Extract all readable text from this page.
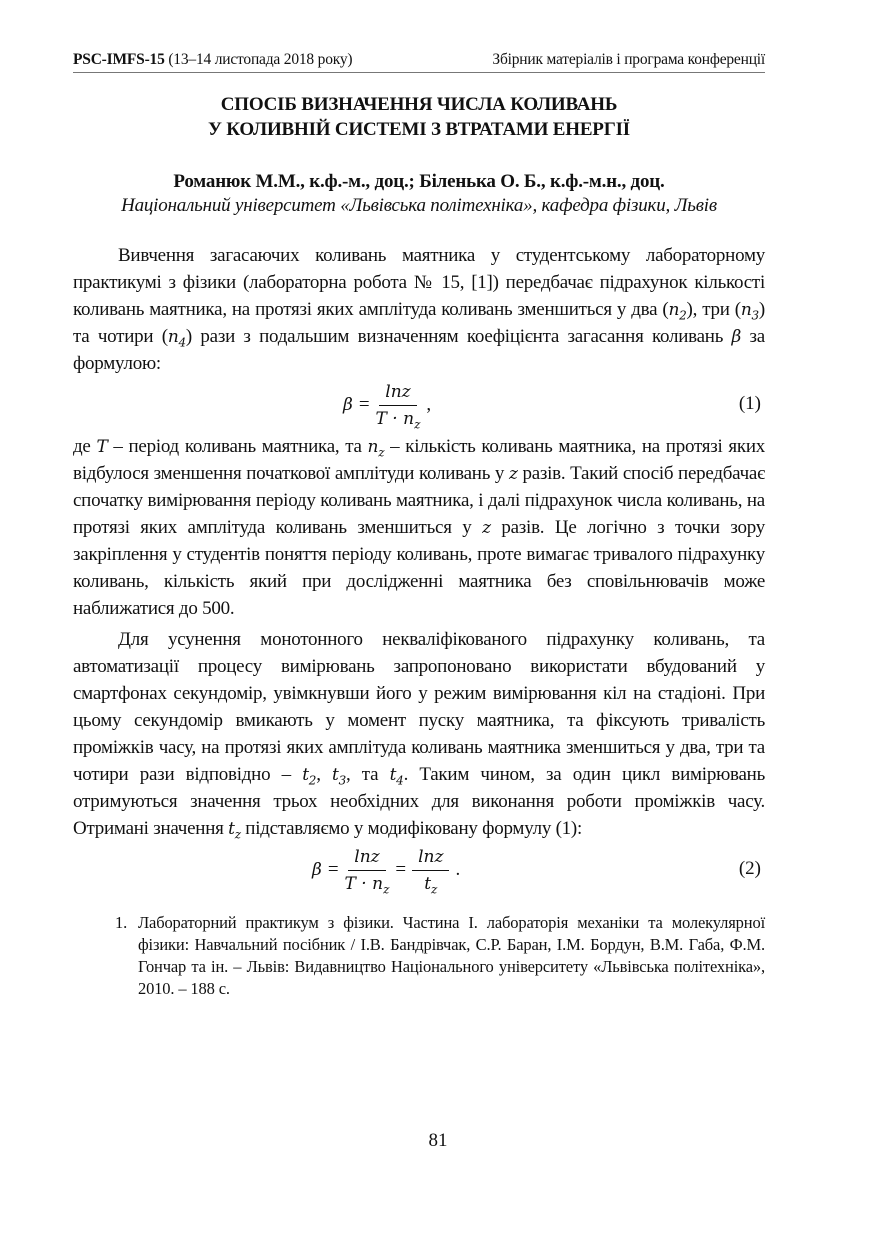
PSC-IMFS-15 (13–14 листопада 2018 року)	Збірник матеріалів і програма конференції
СПОСІБ ВИЗНАЧЕННЯ ЧИСЛА КОЛИВАНЬ
У КОЛИВНІЙ СИСТЕМІ З ВТРАТАМИ ЕНЕРГІЇ
Романюк М.М., к.ф.-м., доц.; Біленька О. Б., к.ф.-м.н., доц.
Національний університет «Львівська політехніка», кафедра фізики, Львів

Вивчення загасаючих коливань маятника у студентському лабораторному практикумі з фізики (лабораторна робота № 15, [1]) передбачає підрахунок кількості коливань маятника, на протязі яких амплітуда коливань зменшиться у два $(n_2)$, три $(n_3)$ та чотири $(n_4)$ рази з подальшим визначенням коефіцієнта загасання коливань β за формулою:

$\beta = \frac{\ln z}{T \cdot n_z}$ ,	(1)

де T – період коливань маятника, та $n_z$ – кількість коливань маятника, на протязі яких відбулося зменшення початкової амплітуди коливань у z разів. Такий спосіб передбачає спочатку вимірювання періоду коливань маятника, і далі підрахунок числа коливань, на протязі яких амплітуда коливань зменшиться у z разів. Це логічно з точки зору закріплення у студентів поняття періоду коливань, проте вимагає тривалого підрахунку коливань, кількість який при дослідженні маятника без сповільнювачів може наближатися до 500.

Для усунення монотонного некваліфікованого підрахунку коливань, та автоматизації процесу вимірювань запропоновано використати вбудований у смартфонах секундомір, увімкнувши його у режим вимірювання кіл на стадіоні. При цьому секундомір вмикають у момент пуску маятника, та фіксують тривалість проміжків часу, на протязі яких амплітуда коливань маятника зменшиться у два, три та чотири рази відповідно – $t_2$, $t_3$, та $t_4$. Таким чином, за один цикл вимірювань отримуються значення трьох необхідних для виконання роботи проміжків часу. Отримані значення $t_z$ підставляємо у модифіковану формулу (1):

$\beta = \frac{\ln z}{T \cdot n_z} = \frac{\ln z}{t_z}$ .	(2)
1. Лабораторний практикум з фізики. Частина І. лабораторія механіки та молекулярної фізики: Навчальний посібник / І.В. Бандрівчак, С.Р. Баран, І.М. Бордун, В.М. Габа, Ф.М. Гончар та ін. – Львів: Видавництво Національного університету «Львівська політехніка», 2010. – 188 с.
81
